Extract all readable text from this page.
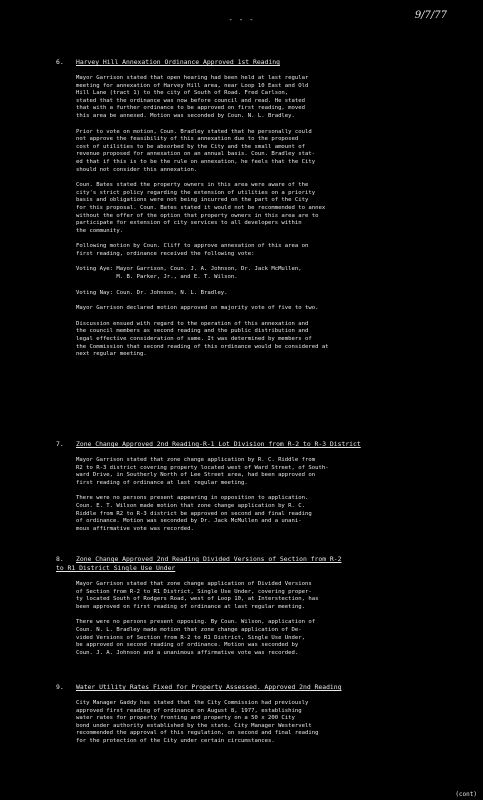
- - -	9/7/77
6. Harvey Hill Annexation Ordinance Approved 1st Reading
Mayor Garrison stated that open hearing had been held at last regular
meeting for annexation of Harvey Hill area, near Loop 10 East and Old
Hill Lane (tract 1) to the city of South of Road. Fred Carlson,
stated that the ordinance was now before council and read. He stated
that with a further ordinance to be approved on first reading, moved
this area be annexed. Motion was seconded by Coun. N. L. Bradley.
Prior to vote on motion, Coun. Bradley stated that he personally could
not approve the feasibility of this annexation due to the proposed
cost of utilities to be absorbed by the City and the small amount of
revenue proposed for annexation on an annual basis. Coun. Bradley stat-
ed that if this is to be the rule on annexation, he feels that the City
should not consider this annexation.
Coun. Bates stated the property owners in this area were aware of the
city's strict policy regarding the extension of utilities on a priority
basis and obligations were not being incurred on the part of the City
for this proposal. Coun. Bates stated it would not be recommended to annex
without the offer of the option that property owners in this area are to
participate for extension of city services to all developers within
the community.
Following motion by Coun. Cliff to approve annexation of this area on
first reading, ordinance received the following vote:
Voting Aye: Mayor Garrison, Coun. J. A. Johnson, Dr. Jack McMullen,
M. B. Parker, Jr., and E. T. Wilson.
Voting Nay: Coun. Dr. Johnson, N. L. Bradley.
Mayor Garrison declared motion approved on majority vote of five to two.
Discussion ensued with regard to the operation of this annexation and
the council members as second reading and the public distribution and
legal effective consideration of same. It was determined by members of
the Commission that second reading of this ordinance would be considered at
next regular meeting.
7. Zone Change Approved 2nd Reading-R-1 Lot Division from R-2 to R-3 District
Mayor Garrison stated that zone change application by R. C. Riddle from
R2 to R-3 district covering property located west of Ward Street, of South-
ward Drive, in Southerly North of Lee Street area, had been approved on
first reading of ordinance at last regular meeting.
There were no persons present appearing in opposition to application.
Coun. E. T. Wilson made motion that zone change application by R. C.
Riddle from R2 to R-3 district be approved on second and final reading
of ordinance. Motion was seconded by Dr. Jack McMullen and a unani-
mous affirmative vote was recorded.
8. Zone Change Approved 2nd Reading Divided Versions of Section from R-2
to R1 District Single Use Under
Mayor Garrison stated that zone change application of Divided Versions
of Section from R-2 to R1 District, Single Use Under, covering proper-
ty located South of Rodgers Road, west of Loop 10, at Interstection, has
been approved on first reading of ordinance at last regular meeting.
There were no persons present opposing. By Coun. Wilson, application of
Coun. N. L. Bradley made motion that zone change application of De-
vided Versions of Section from R-2 to R1 District, Single Use Under,
be approved on second reading of ordinance. Motion was seconded by
Coun. J. A. Johnson and a unanimous affirmative vote was recorded.
9. Water Utility Rates Fixed for Property Assessed. Approved 2nd Reading
City Manager Gaddy has stated that the City Commission had previously
approved first reading of ordinance on August 8, 1977, establishing
water rates for property fronting and property on a 50 x 200 City
bond under authority established by the state. City Manager Westervelt
recommended the approval of this regulation, on second and final reading
for the protection of the City under certain circumstances.
(cont)
